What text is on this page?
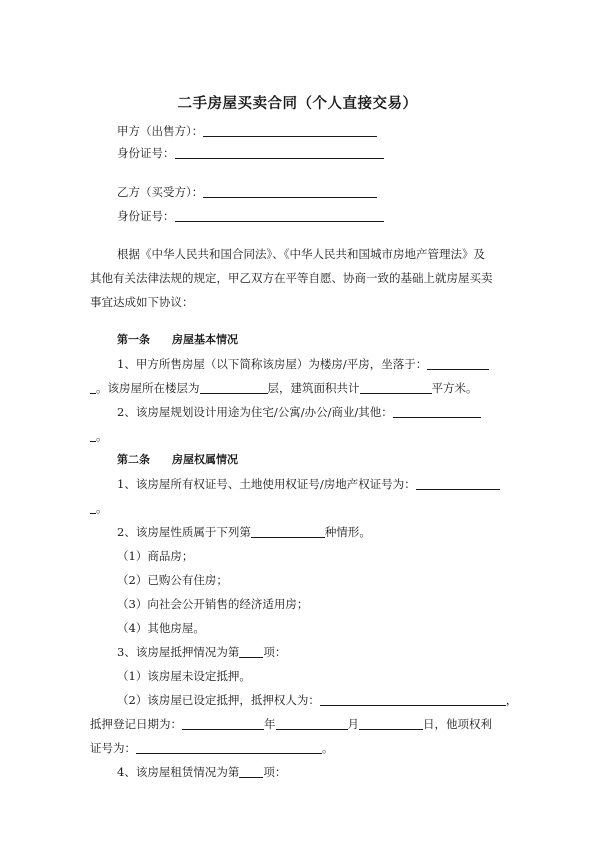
二手房屋买卖合同（个人直接交易）
甲方（出售方）：
身份证号：
乙方（买受方）：
身份证号：
根据《中华人民共和国合同法》、《中华人民共和国城市房地产管理法》及
其他有关法律法规的规定，甲乙双方在平等自愿、协商一致的基础上就房屋买卖
事宜达成如下协议：
第一条 房屋基本情况
1、甲方所售房屋（以下简称该房屋）为楼房/平房，坐落于：
。该房屋所在楼层为	层，建筑面积共计	平方米。
2、该房屋规划设计用途为住宅/公寓/办公/商业/其他：
。
第二条 房屋权属情况
1、该房屋所有权证号、土地使用权证号/房地产权证号为：
。
2、该房屋性质属于下列第	种情形。
（1）商品房；
（2）已购公有住房；
（3）向社会公开销售的经济适用房；
（4）其他房屋。
3、该房屋抵押情况为第 项：
（1）该房屋未设定抵押。
（2）该房屋已设定抵押，抵押权人为：	，
抵押登记日期为：	年	月	日，他项权利
证号为：	。
4、该房屋租赁情况为第 项：
